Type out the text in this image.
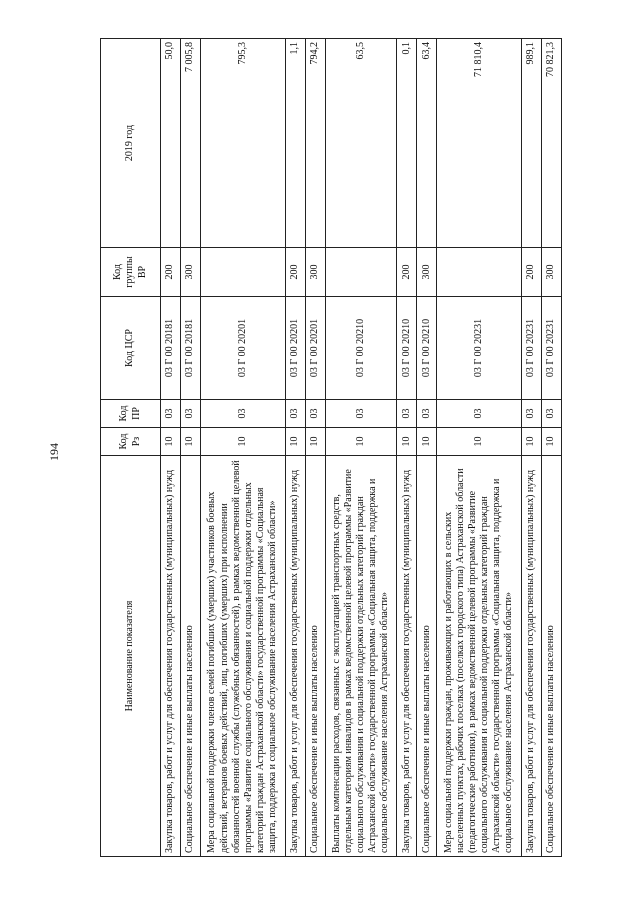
194
Наименование показателя	Код Рз	Код ПР	Код ЦСР	Код группы ВР	2019 год
Закупка товаров, работ и услуг для обеспечения государственных (муниципальных) нужд	10	03	03 Г 00 20181	200	50,0
Социальное обеспечение и иные выплаты населению	10	03	03 Г 00 20181	300	7 005,8
Мера социальной поддержки членов семей погибших (умерших) участников боевых действий, ветеранов боевых действий, лиц, погибших (умерших) при исполнении обязанностей военной службы (служебных обязанностей), в рамках ведомственной целевой программы «Развитие социального обслуживания и социальной поддержки отдельных категорий граждан Астраханской области» государственной программы «Социальная защита, поддержка и социальное обслуживание населения Астраханской области»	10	03	03 Г 00 20201		795,3
Закупка товаров, работ и услуг для обеспечения государственных (муниципальных) нужд	10	03	03 Г 00 20201	200	1,1
Социальное обеспечение и иные выплаты населению	10	03	03 Г 00 20201	300	794,2
Выплаты компенсации расходов, связанных с эксплуатацией транспортных средств, отдельным категориям инвалидов в рамках ведомственной целевой программы «Развитие социального обслуживания и социальной поддержки отдельных категорий граждан Астраханской области» государственной программы «Социальная защита, поддержка и социальное обслуживание населения Астраханской области»	10	03	03 Г 00 20210		63,5
Закупка товаров, работ и услуг для обеспечения государственных (муниципальных) нужд	10	03	03 Г 00 20210	200	0,1
Социальное обеспечение и иные выплаты населению	10	03	03 Г 00 20210	300	63,4
Мера социальной поддержки граждан, проживающих и работающих в сельских населенных пунктах, рабочих поселках (поселках городского типа) Астраханской области (педагогические работники), в рамках ведомственной целевой программы «Развитие социального обслуживания и социальной поддержки отдельных категорий граждан Астраханской области» государственной программы «Социальная защита, поддержка и социальное обслуживание населения Астраханской области»	10	03	03 Г 00 20231		71 810,4
Закупка товаров, работ и услуг для обеспечения государственных (муниципальных) нужд	10	03	03 Г 00 20231	200	989,1
Социальное обеспечение и иные выплаты населению	10	03	03 Г 00 20231	300	70 821,3
